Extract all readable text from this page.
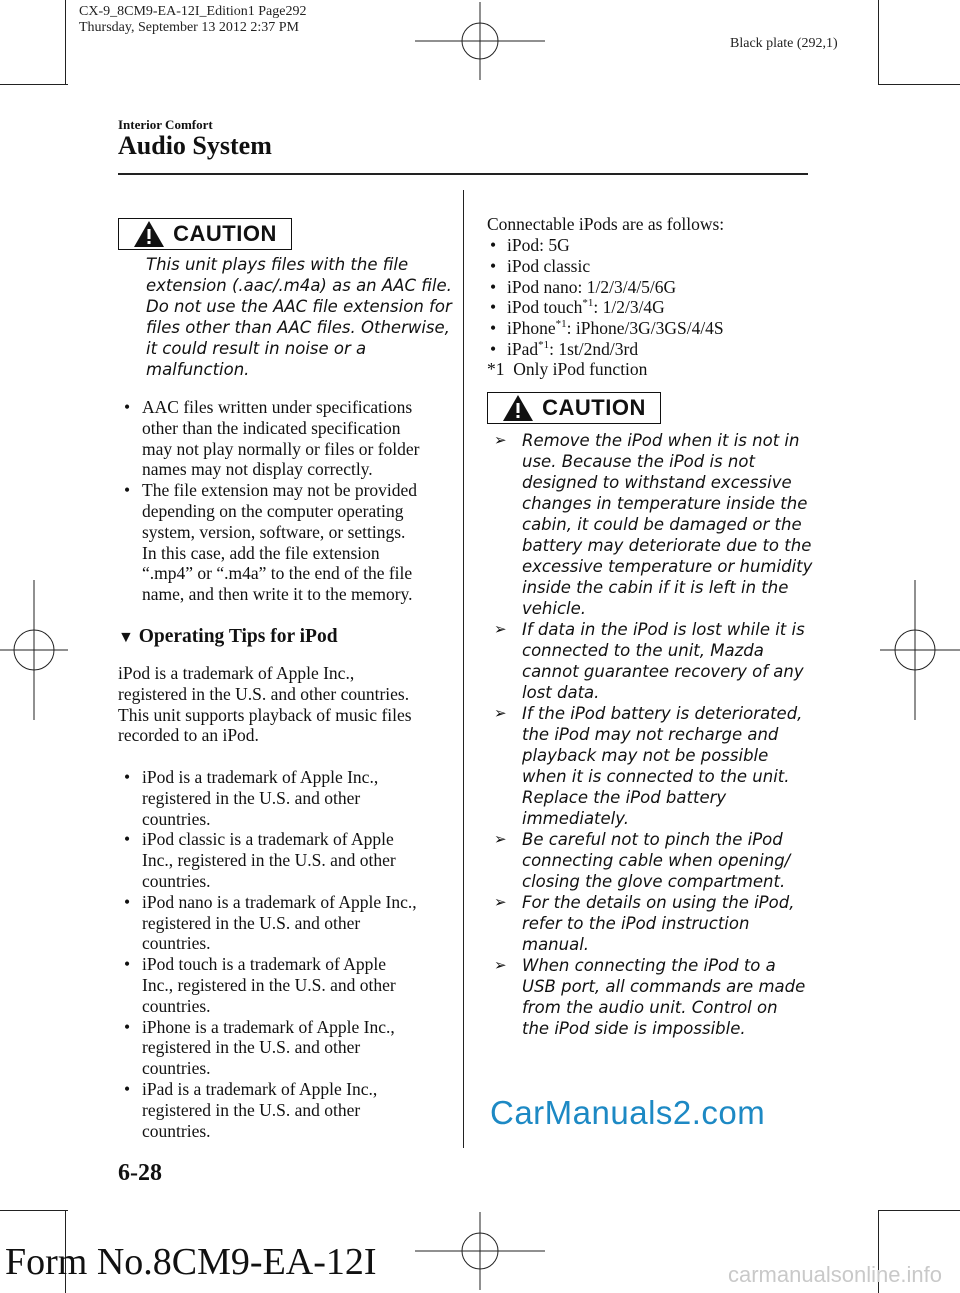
CX-9_8CM9-EA-12I_Edition1 Page292
Thursday, September 13 2012 2:37 PM
Black plate (292,1)
Interior Comfort
Audio System
CAUTION
This unit plays files with the file
extension (.aac/.m4a) as an AAC file.
Do not use the AAC file extension for
files other than AAC files. Otherwise,
it could result in noise or a
malfunction.
• AAC files written under specifications
other than the indicated specification
may not play normally or files or folder
names may not display correctly.
• The file extension may not be provided
depending on the computer operating
system, version, software, or settings.
In this case, add the file extension
“.mp4” or “.m4a” to the end of the file
name, and then write it to the memory.
▼ Operating Tips for iPod
iPod is a trademark of Apple Inc.,
registered in the U.S. and other countries.
This unit supports playback of music files
recorded to an iPod.
• iPod is a trademark of Apple Inc.,
registered in the U.S. and other
countries.
• iPod classic is a trademark of Apple
Inc., registered in the U.S. and other
countries.
• iPod nano is a trademark of Apple Inc.,
registered in the U.S. and other
countries.
• iPod touch is a trademark of Apple
Inc., registered in the U.S. and other
countries.
• iPhone is a trademark of Apple Inc.,
registered in the U.S. and other
countries.
• iPad is a trademark of Apple Inc.,
registered in the U.S. and other
countries.
Connectable iPods are as follows:
• iPod: 5G
• iPod classic
• iPod nano: 1/2/3/4/5/6G
• iPod touch$^{*1}$: 1/2/3/4G
• iPhone$^{*1}$: iPhone/3G/3GS/4/4S
• iPad$^{*1}$: 1st/2nd/3rd
*1  Only iPod function
CAUTION
➢ Remove the iPod when it is not in
use. Because the iPod is not
designed to withstand excessive
changes in temperature inside the
cabin, it could be damaged or the
battery may deteriorate due to the
excessive temperature or humidity
inside the cabin if it is left in the
vehicle.
➢ If data in the iPod is lost while it is
connected to the unit, Mazda
cannot guarantee recovery of any
lost data.
➢ If the iPod battery is deteriorated,
the iPod may not recharge and
playback may not be possible
when it is connected to the unit.
Replace the iPod battery
immediately.
➢ Be careful not to pinch the iPod
connecting cable when opening/
closing the glove compartment.
➢ For the details on using the iPod,
refer to the iPod instruction
manual.
➢ When connecting the iPod to a
USB port, all commands are made
from the audio unit. Control on
the iPod side is impossible.
CarManuals2.com
6-28
Form No.8CM9-EA-12I	carmanualsonline.info
